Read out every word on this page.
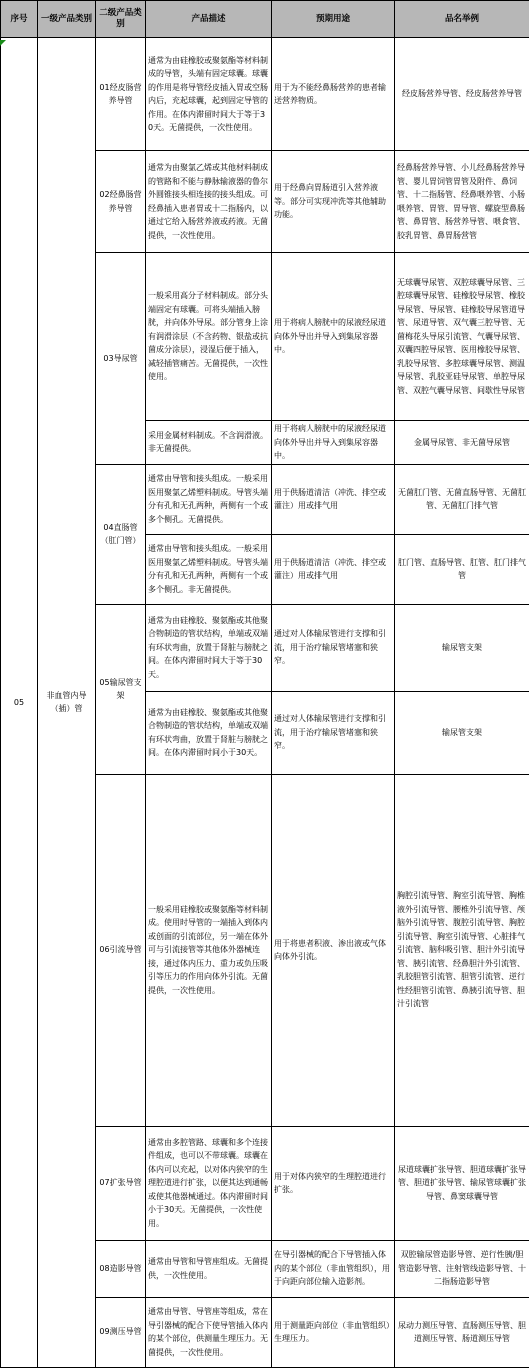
序号	一级产品类别	二级产品类别	产品描述	预期用途	品名举例
05	非血管内导（插）管	01经皮肠营养导管	通常为由硅橡胶或聚氨酯等材料制成的导管，头端有固定球囊。球囊的作用是将导管经皮插入胃或空肠内后，充起球囊，起到固定导管的作用。在体内滞留时间大于等于30天。无菌提供，一次性使用。	用于为不能经鼻肠营养的患者输送营养物质。	经皮肠营养导管、经皮肠营养导管
		02经鼻肠营养导管	通常为由聚氯乙烯或其他材料制成的管路和不能与静脉输液器的鲁尔外圆锥接头相连接的接头组成。可经鼻插入患者胃或十二指肠内，以通过它给入肠营养液或药液。无菌提供，一次性使用。	用于经鼻向胃肠道引入营养液等。部分可实现冲洗等其他辅助功能。	经鼻肠营养导管、小儿经鼻肠营养导管、婴儿胃饲管胃管及附件、鼻饲管、十二指肠管、经鼻喂养管、小肠喂养管、胃管、胃导管、螺旋型鼻肠管、鼻胃管、肠营养导管、喂食管、胶乳胃管、鼻胃肠营管
		03导尿管	一般采用高分子材料制成。部分头端固定有球囊。可将头端插入膀胱，并向体外导尿。部分管身上涂有润滑涂层（不含药物、银盐或抗菌成分涂层），浸湿后便于插入，减轻插管痛苦。无菌提供，一次性使用。	用于将病人膀胱中的尿液经尿道向体外导出并导入到集尿容器中。	无球囊导尿管、双腔球囊导尿管、三腔球囊导尿管、硅橡胶导尿管、橡胶导尿管、导尿管、硅橡胶导尿管道导管、尿道导管、双气囊三腔导管、无菌梅花头导尿引流管、气囊导尿管、双囊四腔导尿管、医用橡胶导尿管、乳胶导尿管、多腔球囊导尿管、测温导尿管、乳胶亚硅导尿管、单腔导尿管、双腔气囊导尿管、间歇性导尿管
			采用金属材料制成。不含润滑液。非无菌提供。	用于将病人膀胱中的尿液经尿道向体外导出并导入到集尿容器中。	金属导尿管、非无菌导尿管
		04直肠管（肛门管）	通常由导管和接头组成。一般采用医用聚氯乙烯塑料制成。导管头端分有孔和无孔两种，两侧有一个或多个侧孔。无菌提供。	用于供肠道清洁（冲洗、排空或灌注）用或排气用	无菌肛门管、无菌直肠导管、无菌肛管、无菌肛门排气管
			通常由导管和接头组成。一般采用医用聚氯乙烯塑料制成。导管头端分有孔和无孔两种，两侧有一个或多个侧孔。非无菌提供。	用于供肠道清洁（冲洗、排空或灌注）用或排气用	肛门管、直肠导管、肛管、肛门排气管
		05输尿管支架	通常为由硅橡胶、聚氨酯或其他聚合物制造的管状结构，单端或双端有环状弯曲，放置于肾脏与膀胱之间。在体内滞留时间大于等于30天。	通过对人体输尿管进行支撑和引流，用于治疗输尿管堵塞和狭窄。	输尿管支架
			通常为由硅橡胶、聚氨酯或其他聚合物制造的管状结构，单端或双端有环状弯曲，放置于肾脏与膀胱之间。在体内滞留时间小于30天。	通过对人体输尿管进行支撑和引流，用于治疗输尿管堵塞和狭窄。	输尿管支架
		06引流导管	一般采用硅橡胶或聚氨酯等材料制成。使用时导管的一端插入到体内或创面的引流部位，另一端在体外可与引流接管等其他体外器械连接，通过体内压力、重力或负压吸引等压力的作用向体外引流。无菌提供，一次性使用。	用于将患者积液、渗出液或气体向体外引流。	胸腔引流导管、胸室引流导管、胸椎液外引流导管、腰椎外引流导管、颅脑外引流导管、腹腔引流导管、胸腔引流导管、胸室引流导管、心脏排气引流管、脑科吸引管、胆汁外引流导管、胰引流管、经鼻胆汁外引流管、乳胶胆管引流管、胆管引流管、逆行性经胆管引流管、鼻胰引流导管、胆汁引流管
		07扩张导管	通常由多腔管路、球囊和多个连接件组成，也可以不带球囊。球囊在体内可以充起，以对体内狭窄的生理腔道进行扩张，以便其达到通畅或使其他器械通过。体内滞留时间小于30天。无菌提供，一次性使用。	用于对体内狭窄的生理腔道进行扩张。	尿道球囊扩张导管、胆道球囊扩张导管、胆道扩张导管、输尿管球囊扩张导管、鼻窦球囊导管
		08造影导管	通常由导管和导管座组成。无菌提供，一次性使用。	在导引器械的配合下导管插入体内的某个部位（非血管组织），用于向距向部位输入造影剂。	双腔输尿管造影导管、逆行性胰/胆管造影导管、注射管线造影导管、十二指肠造影导管
		09测压导管	通常由导管、导管座等组成，常在导引器械的配合下使导管插入体内的某个部位，供测量生理压力。无菌提供，一次性使用。	用于测量距向部位（非血管组织）生理压力。	尿动力测压导管、直肠测压导管、胆道测压导管、肠道测压导管
